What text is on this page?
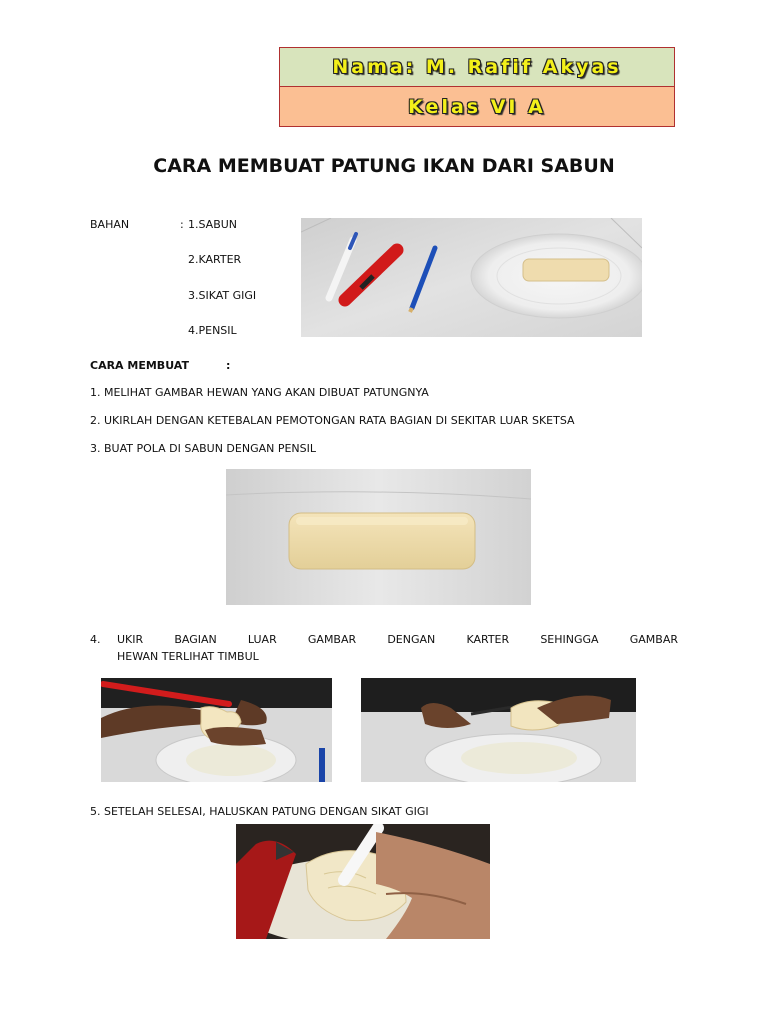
Nama: M. Rafif Akyas
Kelas VI A
CARA MEMBUAT PATUNG IKAN DARI SABUN
BAHAN	: 1.SABUN
2.KARTER
3.SIKAT GIGI
4.PENSIL
CARA MEMBUAT	:
1. MELIHAT GAMBAR HEWAN YANG AKAN DIBUAT PATUNGNYA
2. UKIRLAH DENGAN KETEBALAN PEMOTONGAN RATA BAGIAN DI SEKITAR LUAR SKETSA
3. BUAT POLA DI SABUN DENGAN PENSIL
4. UKIR	BAGIAN	LUAR	GAMBAR	DENGAN	KARTER	SEHINGGA	GAMBAR
HEWAN TERLIHAT TIMBUL
5. SETELAH SELESAI, HALUSKAN PATUNG DENGAN SIKAT GIGI
